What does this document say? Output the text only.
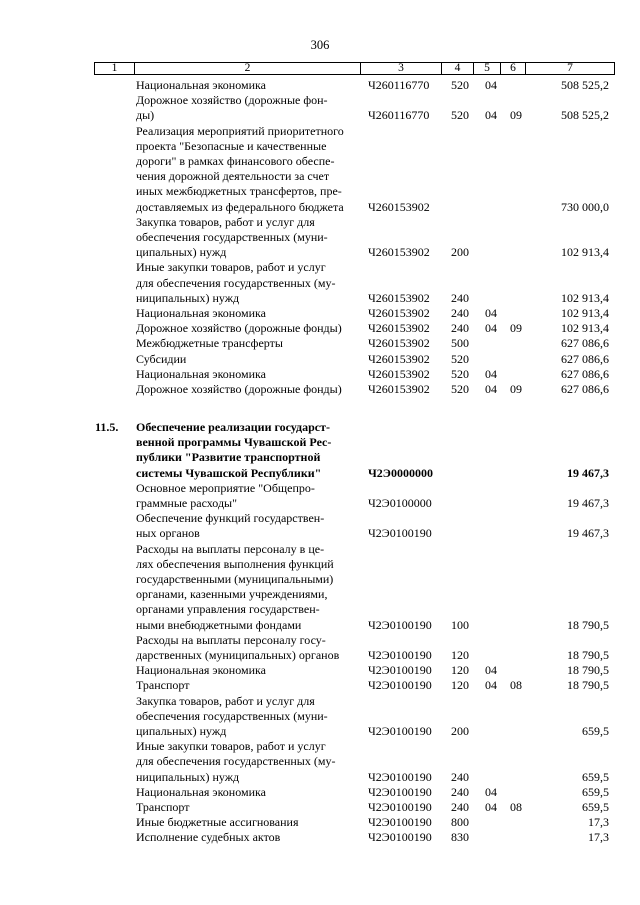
306
1	2	3	4	5	6	7
Национальная экономика	Ч260116770 520 04	508 525,2
Дорожное хозяйство (дорожные фон-
ды)	Ч260116770 520 04 09	508 525,2
Реализация мероприятий приоритетного
проекта "Безопасные и качественные
дороги" в рамках финансового обеспе-
чения дорожной деятельности за счет
иных межбюджетных трансфертов, пре-
доставляемых из федерального бюджета	Ч260153902	730 000,0
Закупка товаров, работ и услуг для
обеспечения государственных (муни-
ципальных) нужд	Ч260153902 200	102 913,4
Иные закупки товаров, работ и услуг
для обеспечения государственных (му-
ниципальных) нужд	Ч260153902 240	102 913,4
Национальная экономика	Ч260153902 240 04	102 913,4
Дорожное хозяйство (дорожные фонды)	Ч260153902 240 04 09	102 913,4
Межбюджетные трансферты	Ч260153902 500	627 086,6
Субсидии	Ч260153902 520	627 086,6
Национальная экономика	Ч260153902 520 04	627 086,6
Дорожное хозяйство (дорожные фонды)	Ч260153902 520 04 09	627 086,6
11.5.	Обеспечение реализации государст-
венной программы Чувашской Рес-
публики "Развитие транспортной
системы Чувашской Республики"	Ч2Э0000000	19 467,3
Основное мероприятие "Общепро-
граммные расходы"	Ч2Э0100000	19 467,3
Обеспечение функций государствен-
ных органов	Ч2Э0100190	19 467,3
Расходы на выплаты персоналу в це-
лях обеспечения выполнения функций
государственными (муниципальными)
органами, казенными учреждениями,
органами управления государствен-
ными внебюджетными фондами	Ч2Э0100190 100	18 790,5
Расходы на выплаты персоналу госу-
дарственных (муниципальных) органов	Ч2Э0100190 120	18 790,5
Национальная экономика	Ч2Э0100190 120 04	18 790,5
Транспорт	Ч2Э0100190 120 04 08	18 790,5
Закупка товаров, работ и услуг для
обеспечения государственных (муни-
ципальных) нужд	Ч2Э0100190 200	659,5
Иные закупки товаров, работ и услуг
для обеспечения государственных (му-
ниципальных) нужд	Ч2Э0100190 240	659,5
Национальная экономика	Ч2Э0100190 240 04	659,5
Транспорт	Ч2Э0100190 240 04 08	659,5
Иные бюджетные ассигнования	Ч2Э0100190 800	17,3
Исполнение судебных актов	Ч2Э0100190 830	17,3
